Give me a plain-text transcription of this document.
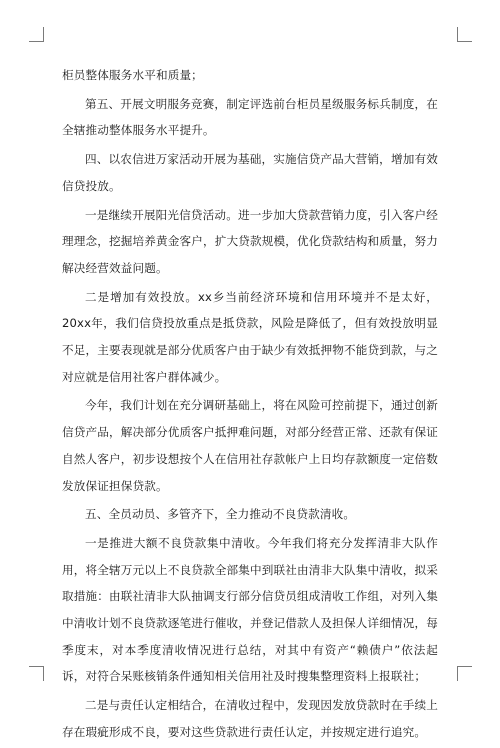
柜员整体服务水平和质量；

第五、开展文明服务竞赛，制定评选前台柜员星级服务标兵制度，在全辖推动整体服务水平提升。

四、以农信进万家活动开展为基础，实施信贷产品大营销，增加有效信贷投放。

一是继续开展阳光信贷活动。进一步加大贷款营销力度，引入客户经理理念，挖掘培养黄金客户，扩大贷款规模，优化贷款结构和质量，努力解决经营效益问题。

二是增加有效投放。xx乡当前经济环境和信用环境并不是太好，20xx年，我们信贷投放重点是抵贷款，风险是降低了，但有效投放明显不足，主要表现就是部分优质客户由于缺少有效抵押物不能贷到款，与之对应就是信用社客户群体减少。

今年，我们计划在充分调研基础上，将在风险可控前提下，通过创新信贷产品，解决部分优质客户抵押难问题，对部分经营正常、还款有保证自然人客户，初步设想按个人在信用社存款帐户上日均存款额度一定倍数发放保证担保贷款。

五、全员动员、多管齐下，全力推动不良贷款清收。

一是推进大额不良贷款集中清收。今年我们将充分发挥清非大队作用，将全辖万元以上不良贷款全部集中到联社由清非大队集中清收，拟采取措施：由联社清非大队抽调支行部分信贷员组成清收工作组，对列入集中清收计划不良贷款逐笔进行催收，并登记借款人及担保人详细情况，每季度末，对本季度清收情况进行总结，对其中有资产“赖债户”依法起诉，对符合呆账核销条件通知相关信用社及时搜集整理资料上报联社；

二是与责任认定相结合，在清收过程中，发现因发放贷款时在手续上存在瑕疵形成不良，要对这些贷款进行责任认定，并按规定进行追究。
